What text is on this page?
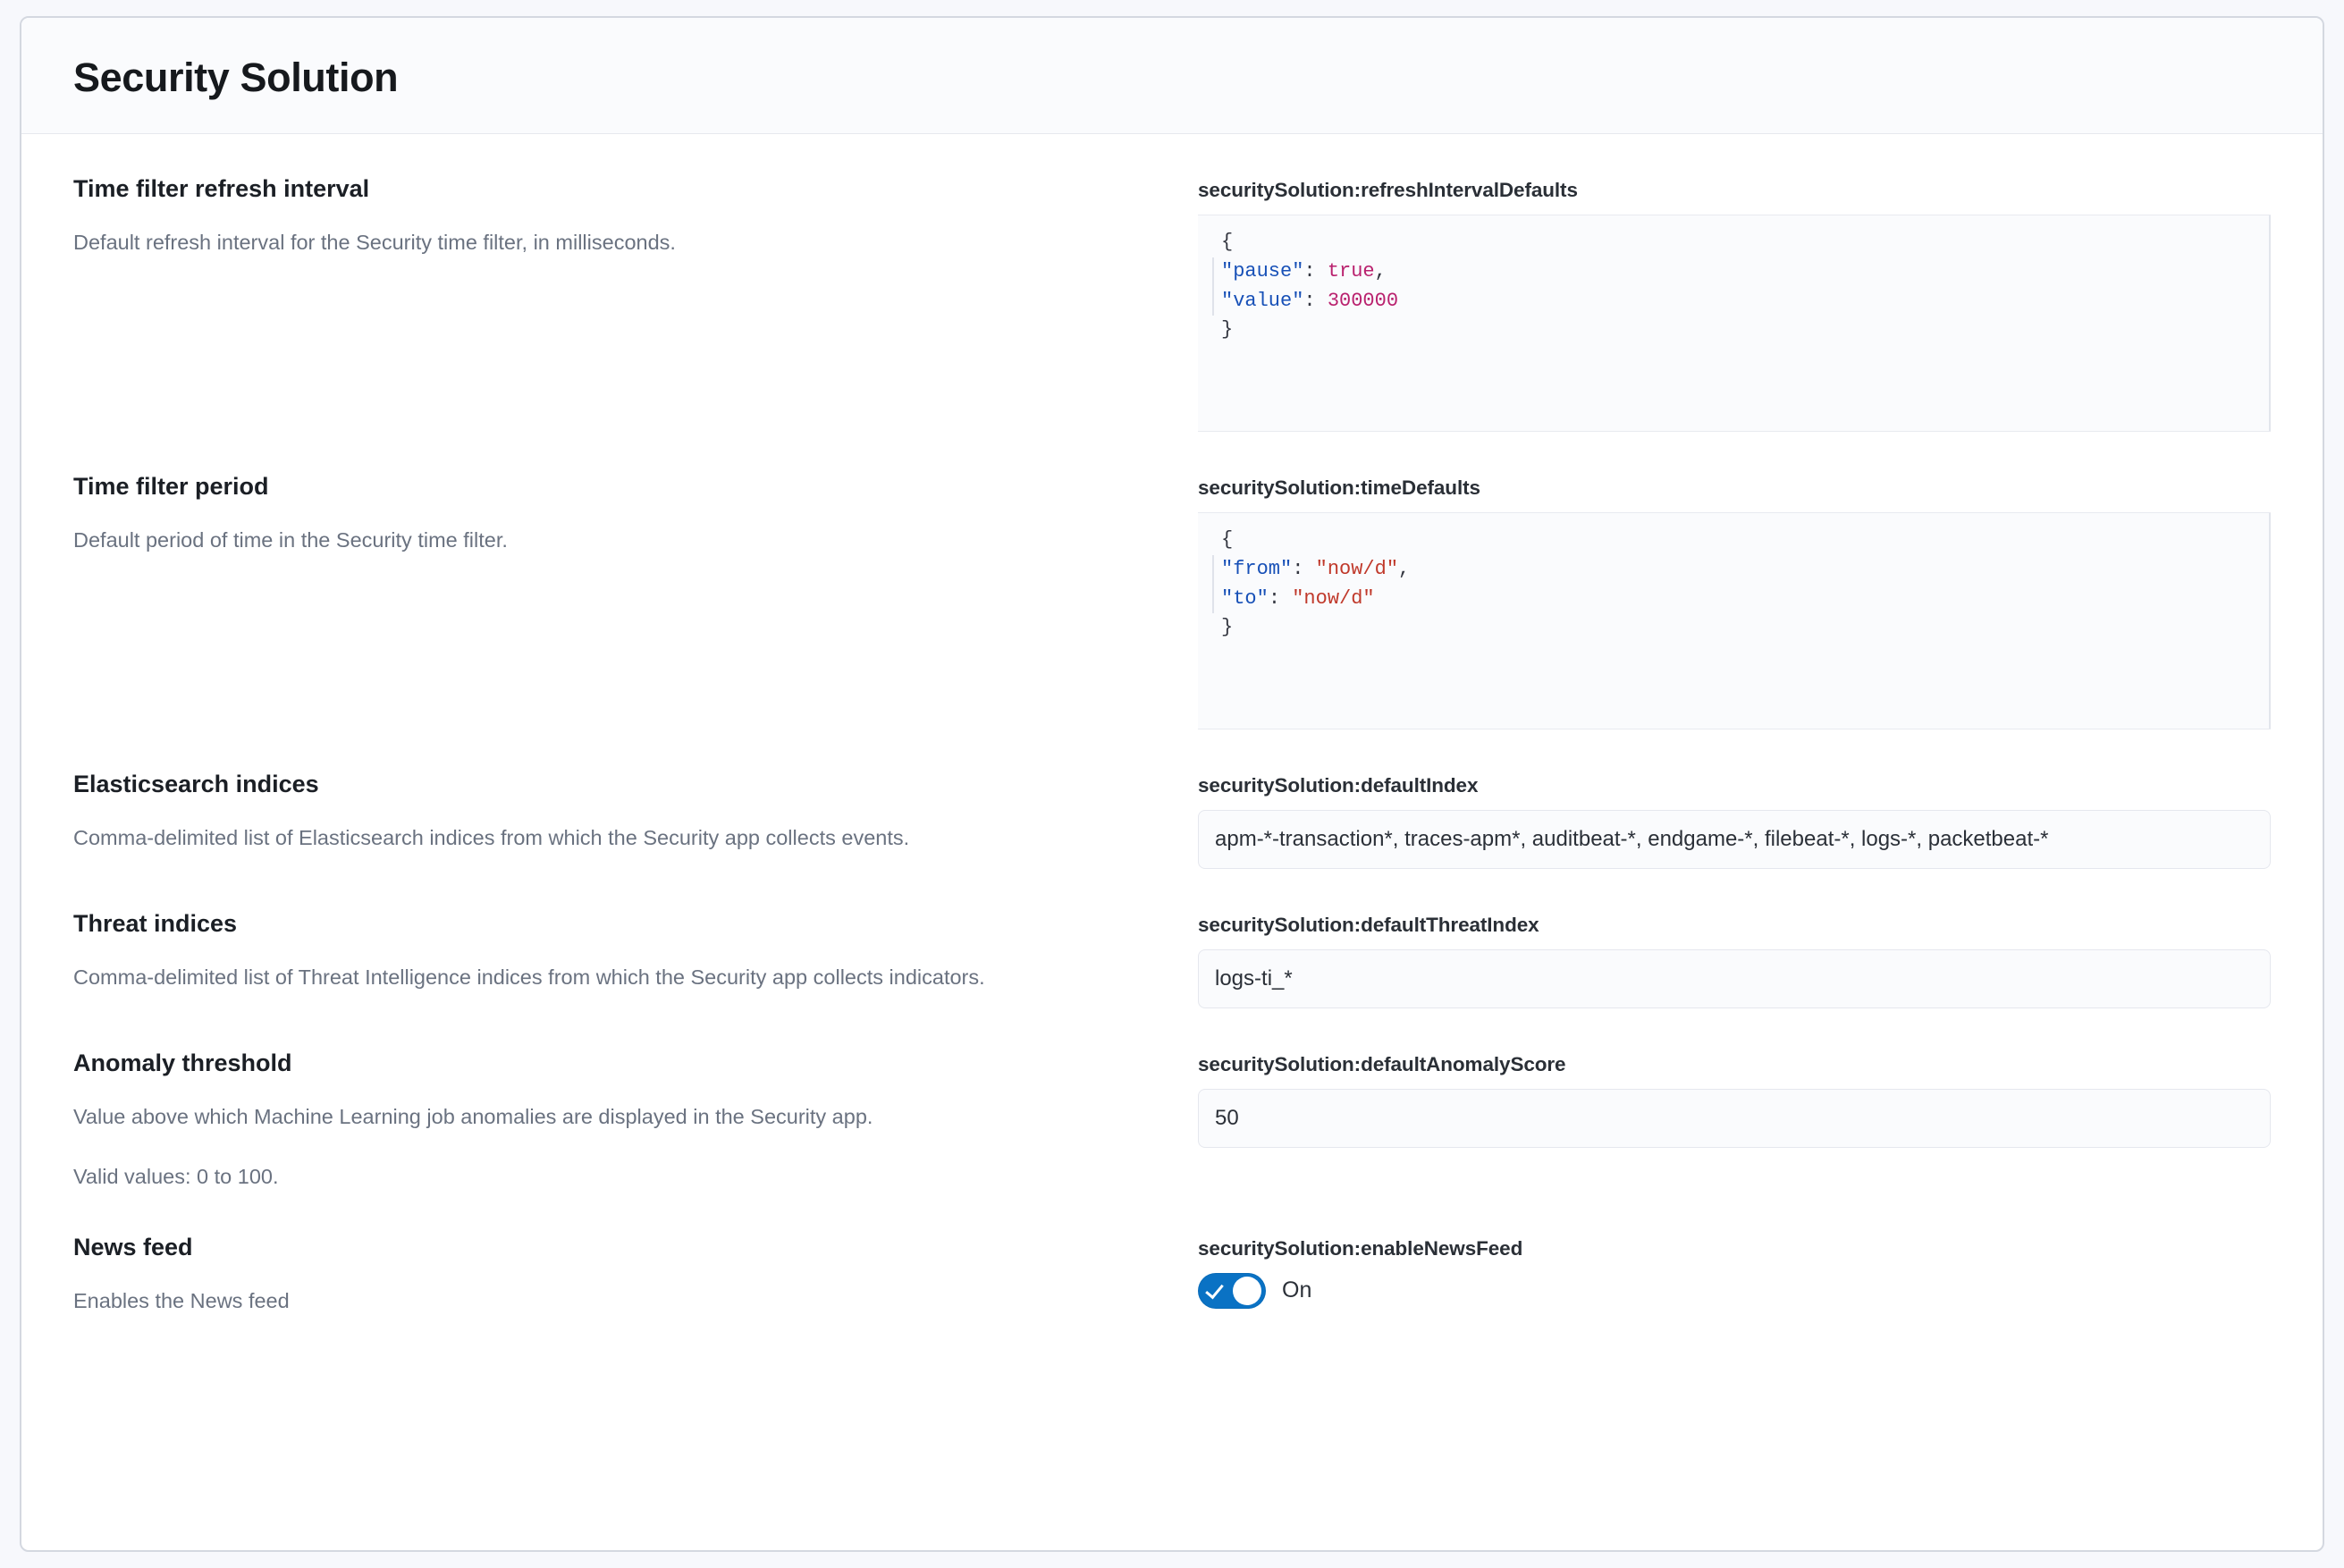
Security Solution
Time filter refresh interval

Default refresh interval for the Security time filter, in milliseconds.

securitySolution:refreshIntervalDefaults
{
"pause": true,
"value": 300000
}
Time filter period

Default period of time in the Security time filter.

securitySolution:timeDefaults
{
"from": "now/d",
"to": "now/d"
}
Elasticsearch indices

Comma-delimited list of Elasticsearch indices from which the Security app collects events.

securitySolution:defaultIndex
apm-*-transaction*, traces-apm*, auditbeat-*, endgame-*, filebeat-*, logs-*, packetbeat-*
Threat indices

Comma-delimited list of Threat Intelligence indices from which the Security app collects indicators.

securitySolution:defaultThreatIndex
logs-ti_*
Anomaly threshold

Value above which Machine Learning job anomalies are displayed in the Security app.

Valid values: 0 to 100.

securitySolution:defaultAnomalyScore
50
News feed

Enables the News feed

securitySolution:enableNewsFeed
On
